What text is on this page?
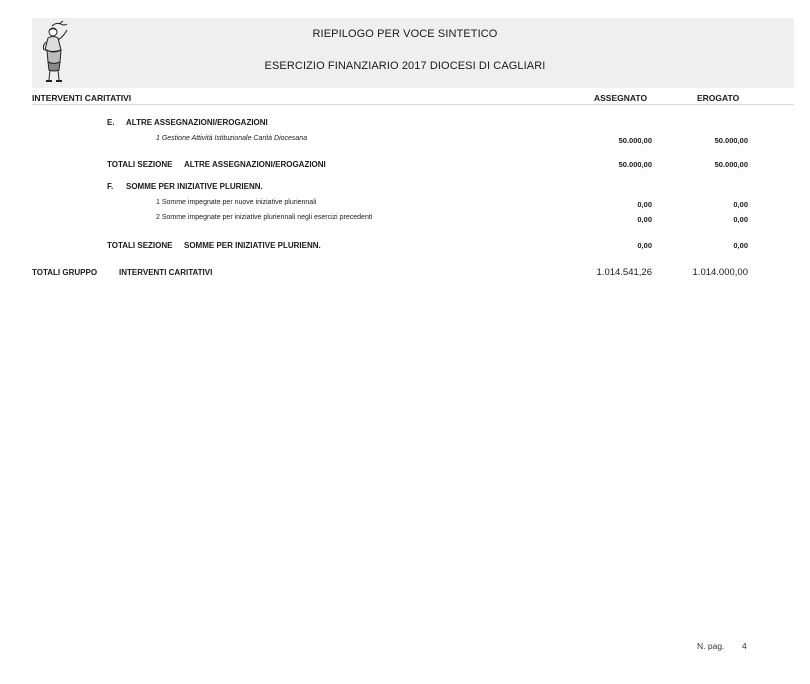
RIEPILOGO PER VOCE SINTETICO
ESERCIZIO FINANZIARIO 2017 DIOCESI DI CAGLIARI
INTERVENTI CARITATIVI	ASSEGNATO	EROGATO
E. ALTRE ASSEGNAZIONI/EROGAZIONI
1 Gestione Attività Istituzionale Carità Diocesana	50.000,00	50.000,00
TOTALI SEZIONE ALTRE ASSEGNAZIONI/EROGAZIONI	50.000,00	50.000,00
F. SOMME PER INIZIATIVE PLURIENN.
1 Somme impegnate per nuove iniziative pluriennali	0,00	0,00
2 Somme impegnate per iniziative pluriennali negli esercizi precedenti	0,00	0,00
TOTALI SEZIONE SOMME PER INIZIATIVE PLURIENN.	0,00	0,00
TOTALI GRUPPO	INTERVENTI CARITATIVI	1.014.541,26	1.014.000,00
N. pag. 4
